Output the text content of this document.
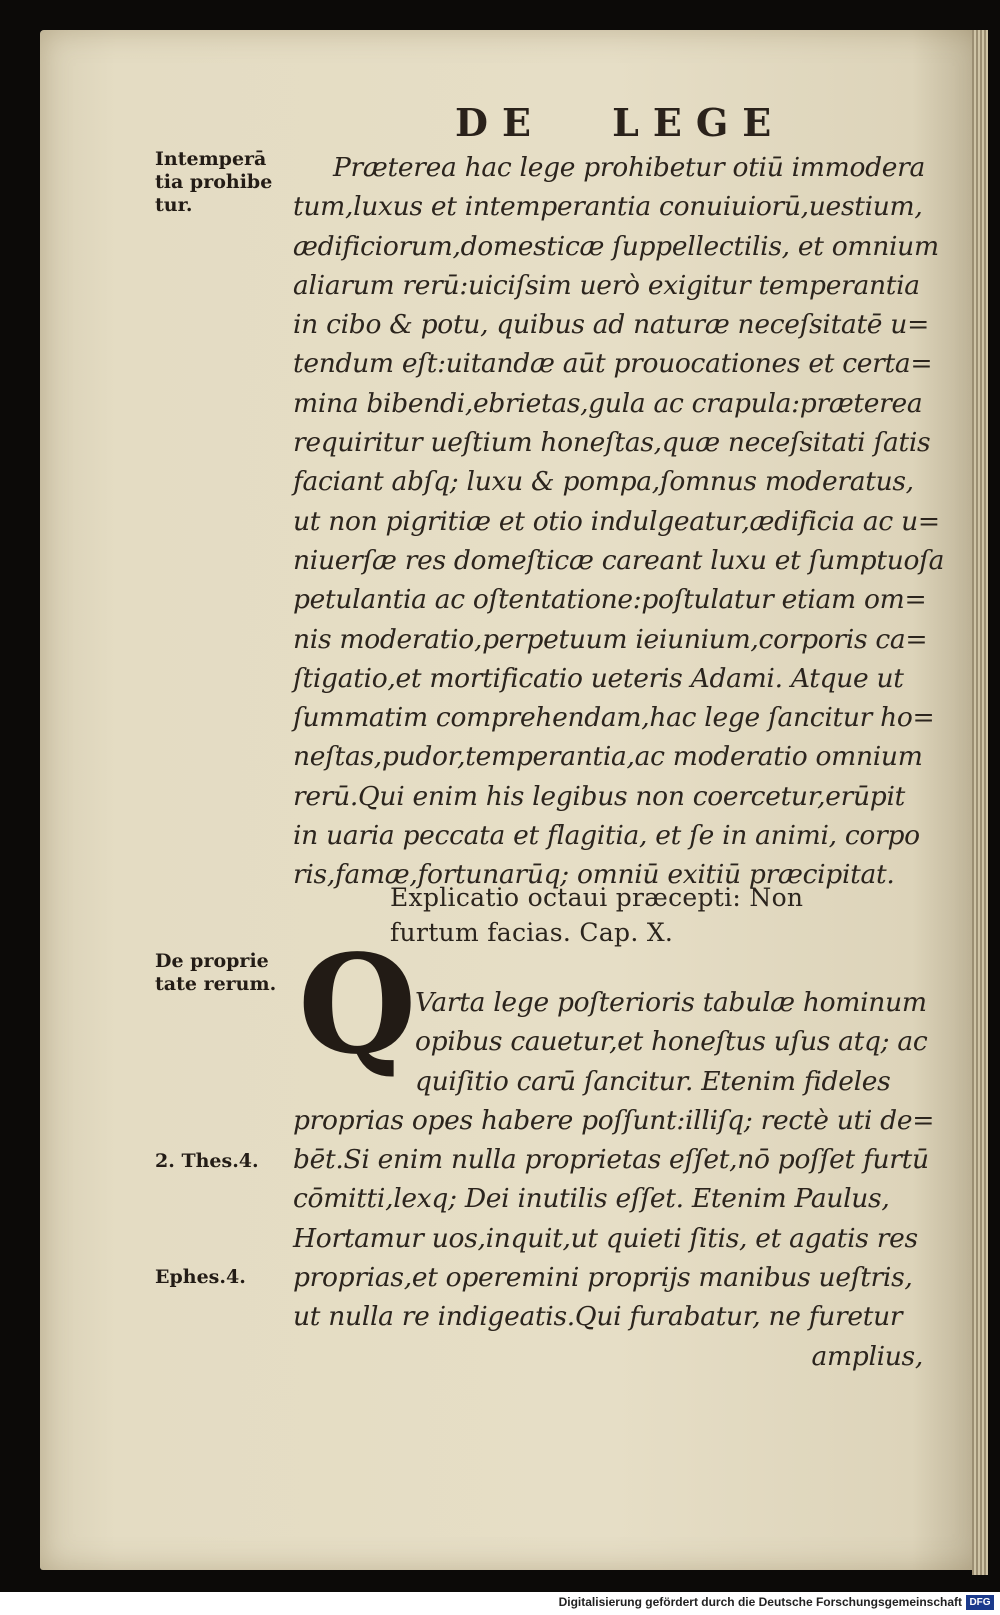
DE LEGE
Intemperā
tia prohibe
tur.
De proprie
tate rerum.
2. Thes.4.
Ephes.4.
Præterea hac lege prohibetur otiū immodera
tum,luxus et intemperantia conuiuiorū,uestium,
ædificiorum,domesticæ ſuppellectilis, et omnium
aliarum rerū:uiciſsim uerò exigitur temperantia
in cibo & potu, quibus ad naturæ neceſsitatē u=
tendum eſt:uitandæ aūt prouocationes et certa=
mina bibendi,ebrietas,gula ac crapula:præterea
requiritur ueſtium honeſtas,quæ neceſsitati ſatis
faciant abſq; luxu & pompa,ſomnus moderatus,
ut non pigritiæ et otio indulgeatur,ædificia ac u=
niuerſæ res domeſticæ careant luxu et ſumptuoſa
petulantia ac oſtentatione:poſtulatur etiam om=
nis moderatio,perpetuum ieiunium,corporis ca=
ſtigatio,et mortificatio ueteris Adami. Atque ut
ſummatim comprehendam,hac lege ſancitur ho=
neſtas,pudor,temperantia,ac moderatio omnium
rerū.Qui enim his legibus non coercetur,erūpit
in uaria peccata et flagitia, et ſe in animi, corpo
ris,famæ,fortunarūq; omniū exitiū præcipitat.
Explicatio octaui præcepti: Non
furtum facias. Cap. X.
Q
Varta lege poſterioris tabulæ hominum
opibus cauetur,et honeſtus uſus atq; ac
quiſitio carū ſancitur. Etenim fideles
proprias opes habere poſſunt:illiſq; rectè uti de=
bēt.Si enim nulla proprietas eſſet,nō poſſet furtū
cōmitti,lexq; Dei inutilis eſſet. Etenim Paulus,
Hortamur uos,inquit,ut quieti ſitis, et agatis res
proprias,et operemini proprijs manibus ueſtris,
ut nulla re indigeatis.Qui furabatur, ne furetur
amplius,
Digitalisierung gefördert durch die Deutsche Forschungsgemeinschaft DFG
